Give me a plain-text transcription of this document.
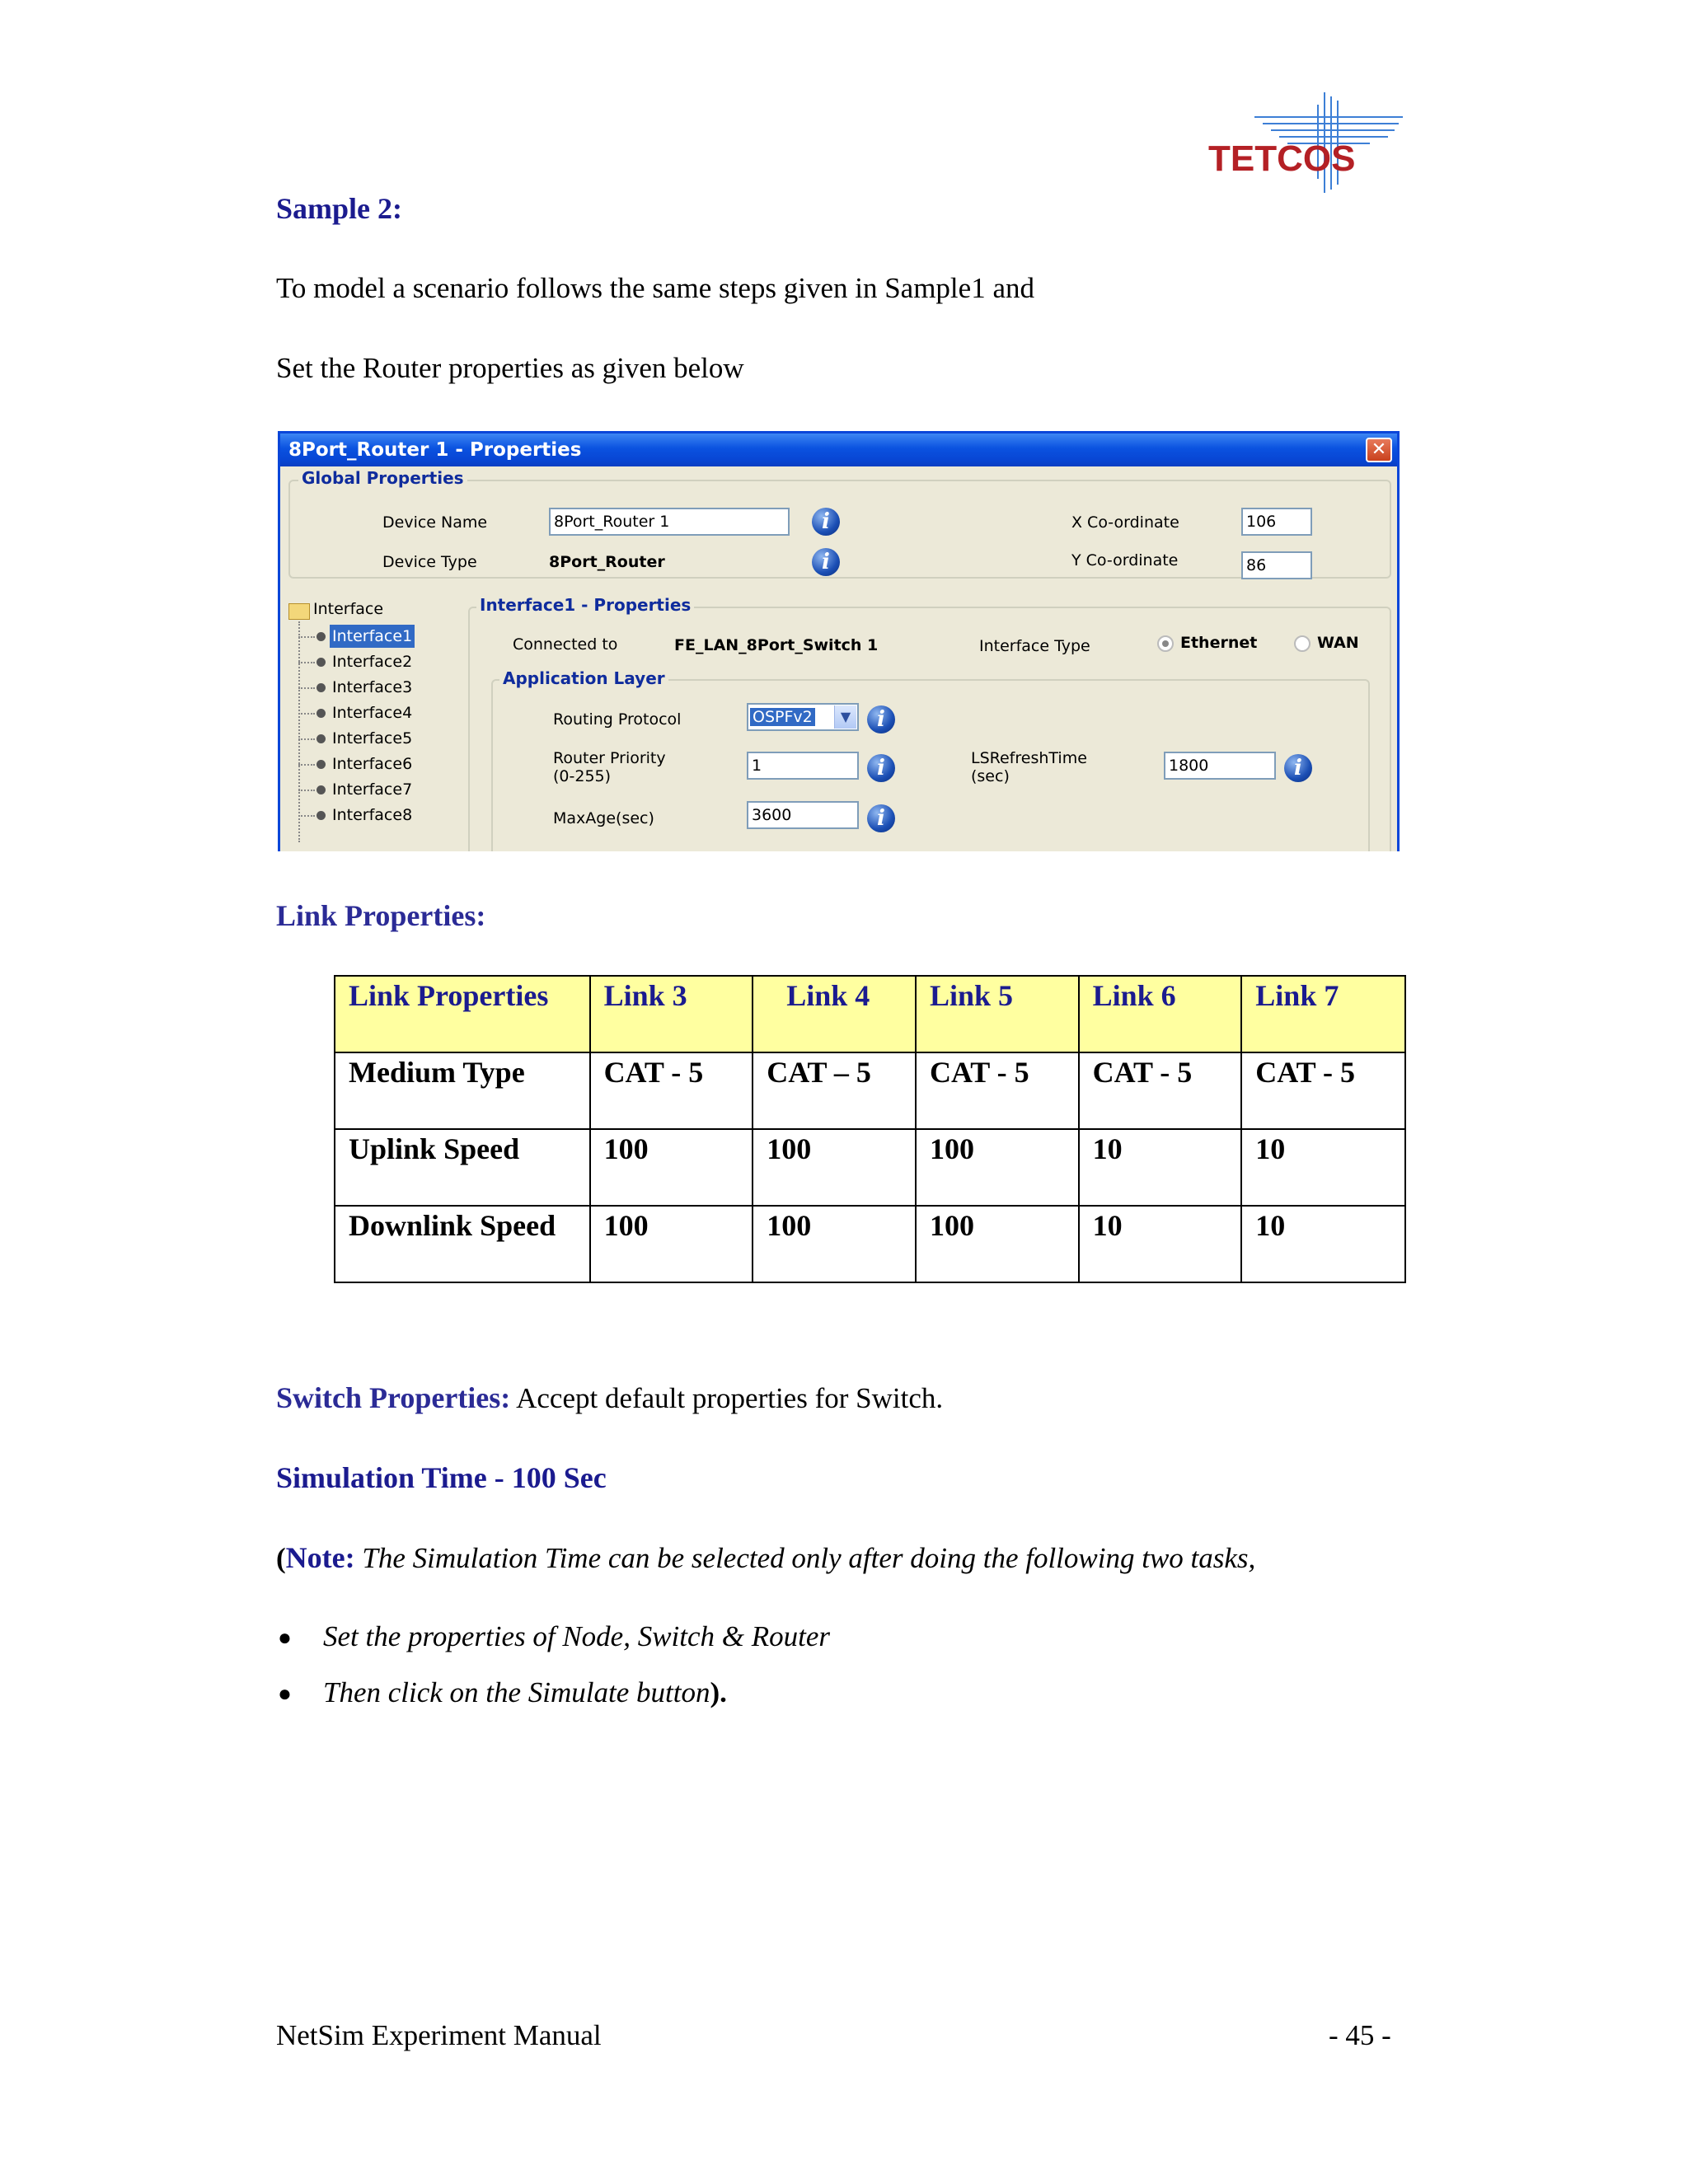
TETCOS
Sample 2:
To model a scenario follows the same steps given in Sample1 and
Set the Router properties as given below
8Port_Router 1 - Properties	✕
Global Properties
Device Name	8Port_Router 1	i
Device Type	8Port_Router	i
X Co-ordinate	106
Y Co-ordinate	86
Interface
Interface1
Interface2
Interface3
Interface4
Interface5
Interface6
Interface7
Interface8
Interface1 - Properties
Connected to	FE_LAN_8Port_Switch 1	Interface Type	Ethernet	WAN
Application Layer
Routing Protocol	OSPFv2	▼	i
Router Priority
(0-255)
1	i
MaxAge(sec)	3600	i
LSRefreshTime
(sec)
1800	i
Link Properties:
Link Properties	Link 3	Link 4	Link 5	Link 6	Link 7
Medium Type	CAT - 5	CAT – 5	CAT - 5	CAT - 5	CAT - 5
Uplink Speed	100	100	100	10	10
Downlink Speed	100	100	100	10	10
Switch Properties: Accept default properties for Switch.
Simulation Time - 100 Sec
(Note: The Simulation Time can be selected only after doing the following two tasks,
● Set the properties of Node, Switch & Router
● Then click on the Simulate button).
NetSim Experiment Manual	- 45 -
